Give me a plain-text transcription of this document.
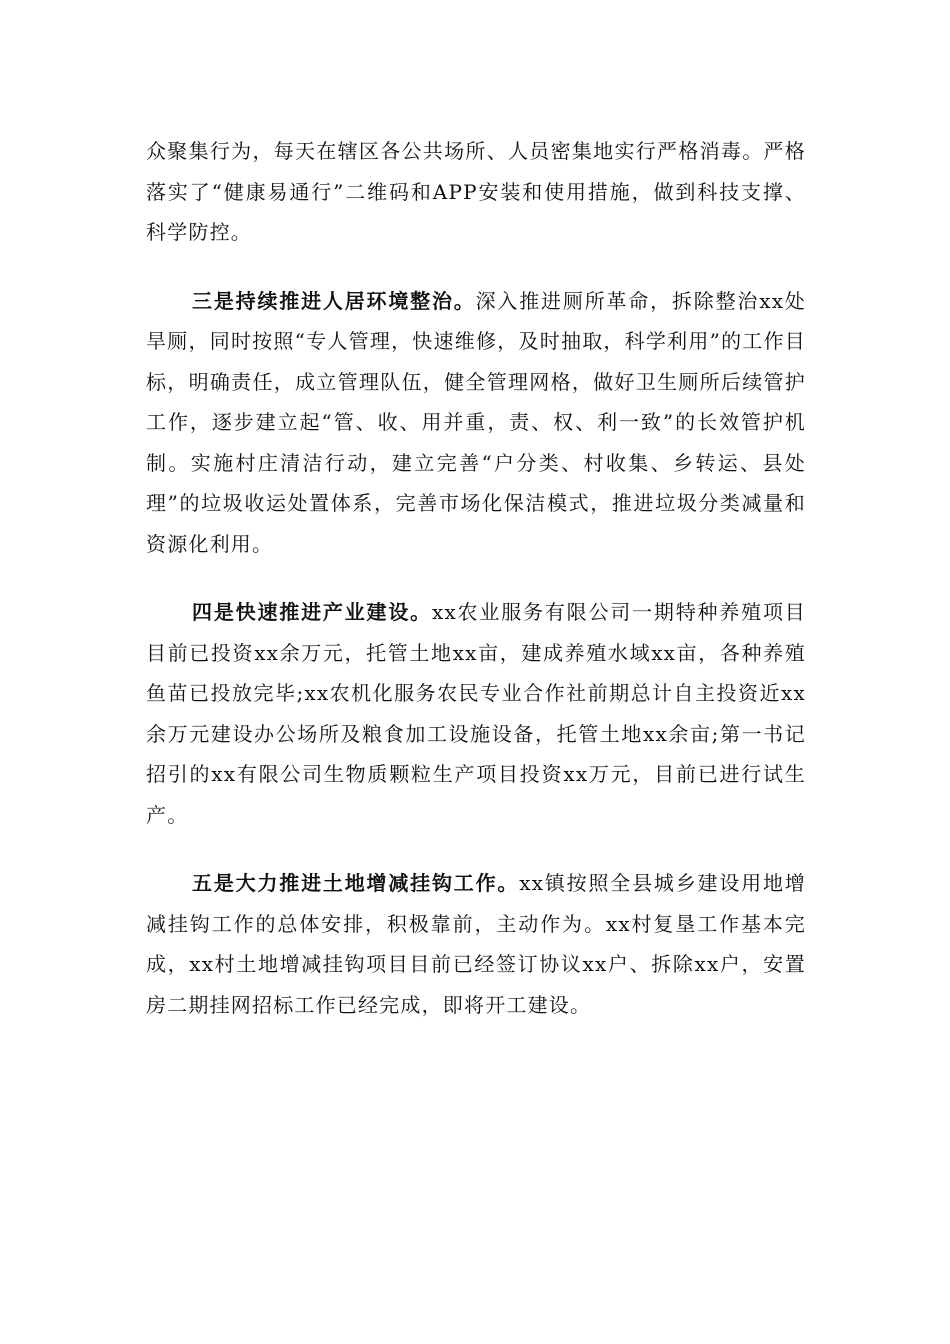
众聚集行为，每天在辖区各公共场所、人员密集地实行严格消毒。严格落实了“健康易通行”二维码和APP安装和使用措施，做到科技支撑、科学防控。

三是持续推进人居环境整治。深入推进厕所革命，拆除整治xx处旱厕，同时按照“专人管理，快速维修，及时抽取，科学利用”的工作目标，明确责任，成立管理队伍，健全管理网格，做好卫生厕所后续管护工作，逐步建立起“管、收、用并重，责、权、利一致”的长效管护机制。实施村庄清洁行动，建立完善“户分类、村收集、乡转运、县处理”的垃圾收运处置体系，完善市场化保洁模式，推进垃圾分类减量和资源化利用。

四是快速推进产业建设。xx农业服务有限公司一期特种养殖项目目前已投资xx余万元，托管土地xx亩，建成养殖水域xx亩，各种养殖鱼苗已投放完毕;xx农机化服务农民专业合作社前期总计自主投资近xx余万元建设办公场所及粮食加工设施设备，托管土地xx余亩;第一书记招引的xx有限公司生物质颗粒生产项目投资xx万元，目前已进行试生产。

五是大力推进土地增减挂钩工作。xx镇按照全县城乡建设用地增减挂钩工作的总体安排，积极靠前，主动作为。xx村复垦工作基本完成，xx村土地增减挂钩项目目前已经签订协议xx户、拆除xx户，安置房二期挂网招标工作已经完成，即将开工建设。
